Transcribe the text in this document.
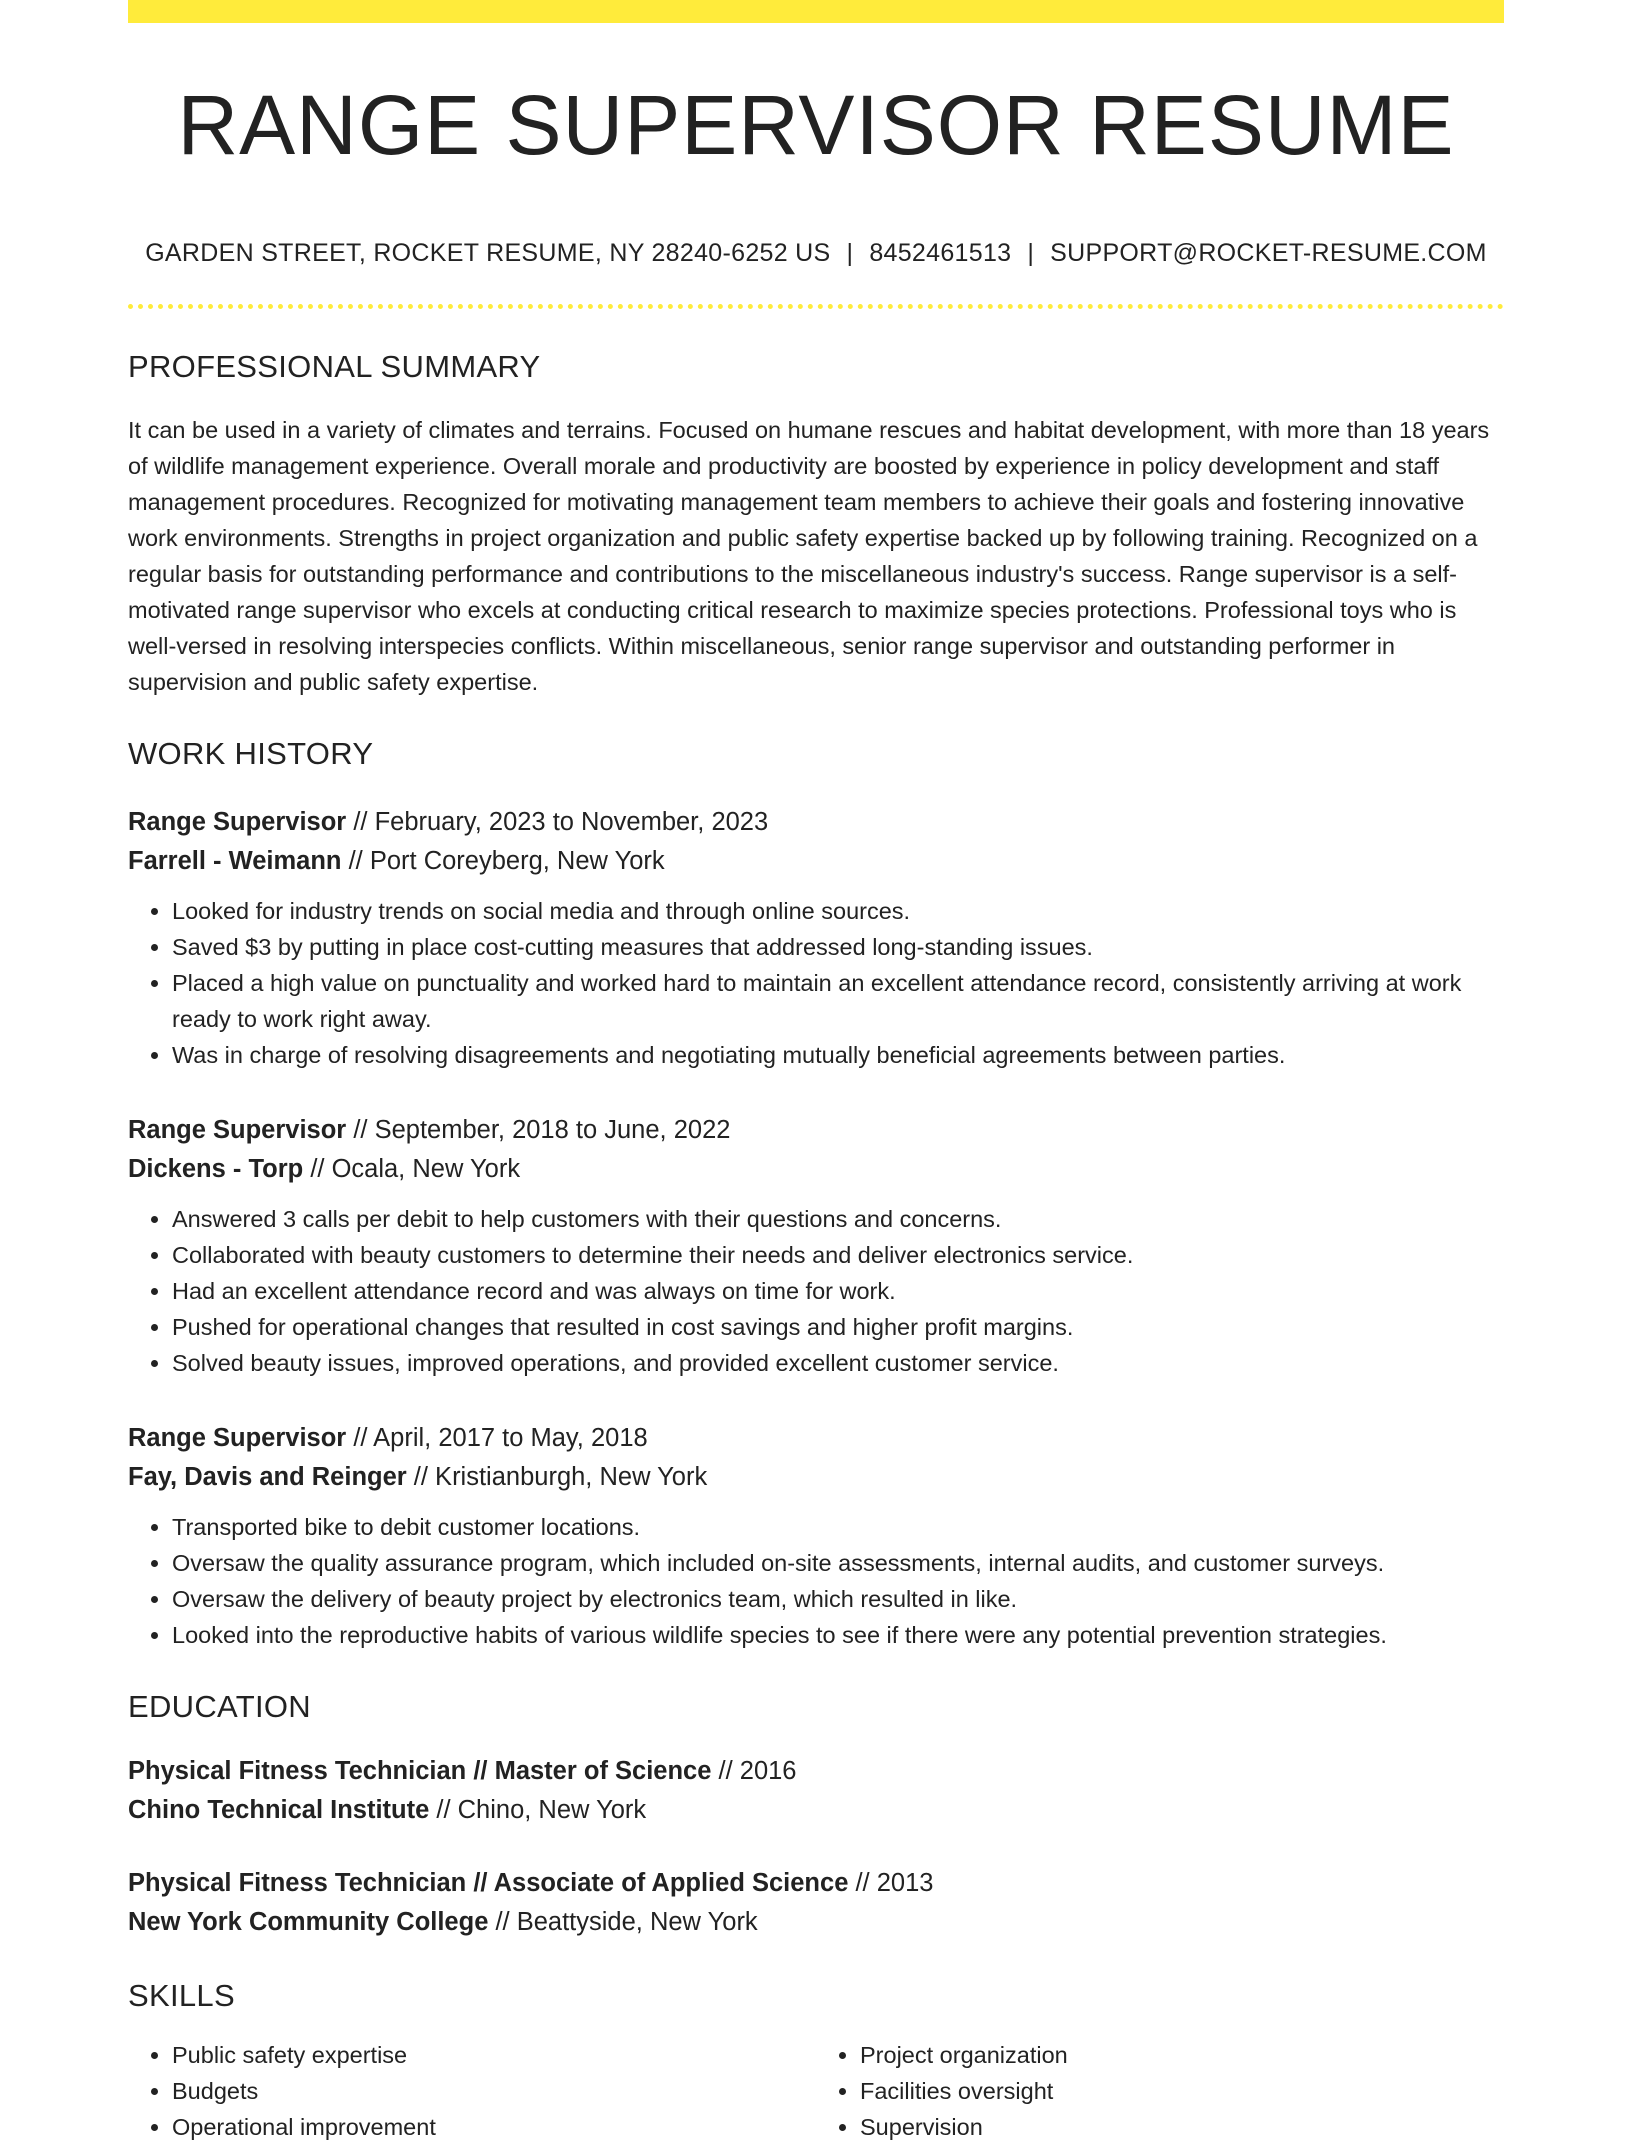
RANGE SUPERVISOR RESUME
GARDEN STREET, ROCKET RESUME, NY 28240-6252 US | 8452461513 | SUPPORT@ROCKET-RESUME.COM
PROFESSIONAL SUMMARY

It can be used in a variety of climates and terrains. Focused on humane rescues and habitat development, with more than 18 years of wildlife management experience. Overall morale and productivity are boosted by experience in policy development and staff management procedures. Recognized for motivating management team members to achieve their goals and fostering innovative work environments. Strengths in project organization and public safety expertise backed up by following training. Recognized on a regular basis for outstanding performance and contributions to the miscellaneous industry's success. Range supervisor is a self-motivated range supervisor who excels at conducting critical research to maximize species protections. Professional toys who is well-versed in resolving interspecies conflicts. Within miscellaneous, senior range supervisor and outstanding performer in supervision and public safety expertise.

WORK HISTORY
Range Supervisor // February, 2023 to November, 2023
Farrell - Weimann // Port Coreyberg, New York
• Looked for industry trends on social media and through online sources.
• Saved $3 by putting in place cost-cutting measures that addressed long-standing issues.
• Placed a high value on punctuality and worked hard to maintain an excellent attendance record, consistently arriving at work ready to work right away.
• Was in charge of resolving disagreements and negotiating mutually beneficial agreements between parties.
Range Supervisor // September, 2018 to June, 2022
Dickens - Torp // Ocala, New York
• Answered 3 calls per debit to help customers with their questions and concerns.
• Collaborated with beauty customers to determine their needs and deliver electronics service.
• Had an excellent attendance record and was always on time for work.
• Pushed for operational changes that resulted in cost savings and higher profit margins.
• Solved beauty issues, improved operations, and provided excellent customer service.
Range Supervisor // April, 2017 to May, 2018
Fay, Davis and Reinger // Kristianburgh, New York
• Transported bike to debit customer locations.
• Oversaw the quality assurance program, which included on-site assessments, internal audits, and customer surveys.
• Oversaw the delivery of beauty project by electronics team, which resulted in like.
• Looked into the reproductive habits of various wildlife species to see if there were any potential prevention strategies.
EDUCATION
Physical Fitness Technician // Master of Science // 2016
Chino Technical Institute // Chino, New York
Physical Fitness Technician // Associate of Applied Science // 2013
New York Community College // Beattyside, New York
SKILLS
• Public safety expertise
• Budgets
• Operational improvement
• Project organization
• Facilities oversight
• Supervision
